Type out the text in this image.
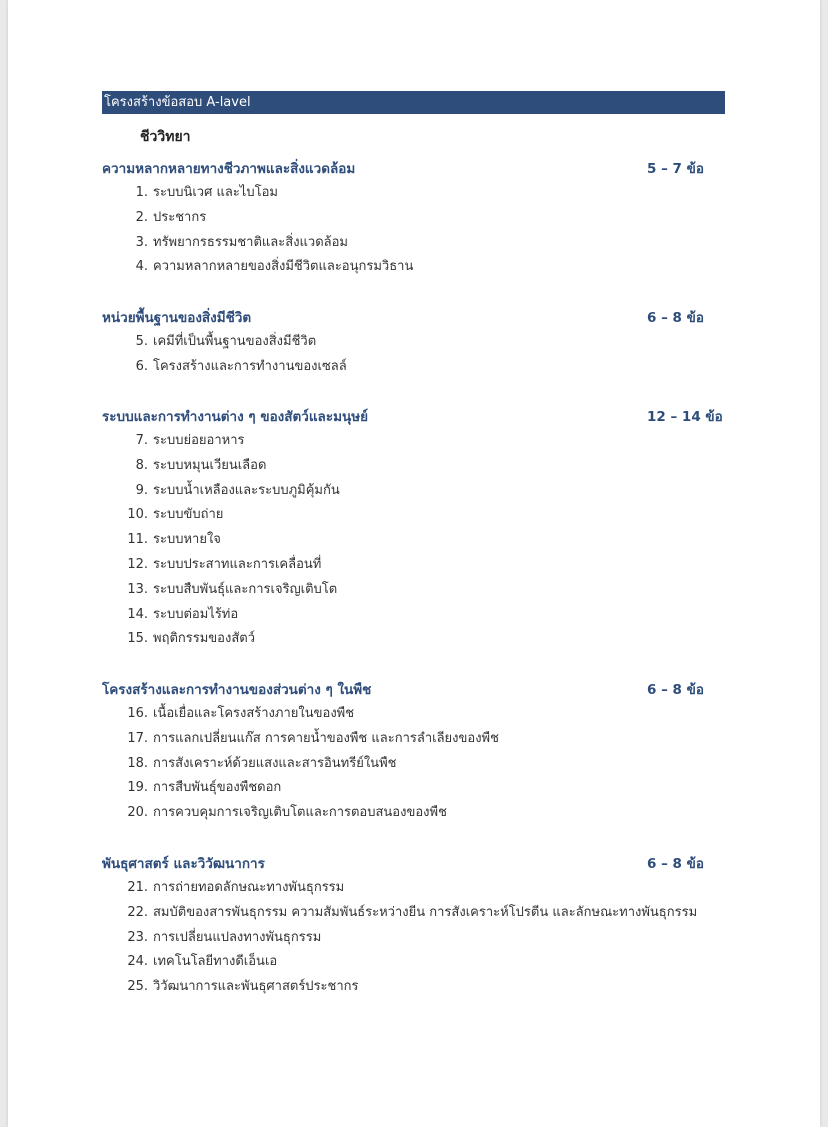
โครงสร้างข้อสอบ A-lavel
ชีววิทยา
ความหลากหลายทางชีวภาพและสิ่งแวดล้อม	5 – 7 ข้อ
1. ระบบนิเวศ และไบโอม
2. ประชากร
3. ทรัพยากรธรรมชาติและสิ่งแวดล้อม
4. ความหลากหลายของสิ่งมีชีวิตและอนุกรมวิธาน
หน่วยพื้นฐานของสิ่งมีชีวิต	6 – 8 ข้อ
5. เคมีที่เป็นพื้นฐานของสิ่งมีชีวิต
6. โครงสร้างและการทำงานของเซลล์
ระบบและการทำงานต่าง ๆ ของสัตว์และมนุษย์	12 – 14 ข้อ
7. ระบบย่อยอาหาร
8. ระบบหมุนเวียนเลือด
9. ระบบน้ำเหลืองและระบบภูมิคุ้มกัน
10. ระบบขับถ่าย
11. ระบบหายใจ
12. ระบบประสาทและการเคลื่อนที่
13. ระบบสืบพันธุ์และการเจริญเติบโต
14. ระบบต่อมไร้ท่อ
15. พฤติกรรมของสัตว์
โครงสร้างและการทำงานของส่วนต่าง ๆ ในพืช	6 – 8 ข้อ
16. เนื้อเยื่อและโครงสร้างภายในของพืช
17. การแลกเปลี่ยนแก๊ส การคายน้ำของพืช และการลำเลียงของพืช
18. การสังเคราะห์ด้วยแสงและสารอินทรีย์ในพืช
19. การสืบพันธุ์ของพืชดอก
20. การควบคุมการเจริญเติบโตและการตอบสนองของพืช
พันธุศาสตร์ และวิวัฒนาการ	6 – 8 ข้อ
21. การถ่ายทอดลักษณะทางพันธุกรรม
22. สมบัติของสารพันธุกรรม ความสัมพันธ์ระหว่างยีน การสังเคราะห์โปรตีน และลักษณะทางพันธุกรรม
23. การเปลี่ยนแปลงทางพันธุกรรม
24. เทคโนโลยีทางดีเอ็นเอ
25. วิวัฒนาการและพันธุศาสตร์ประชากร
